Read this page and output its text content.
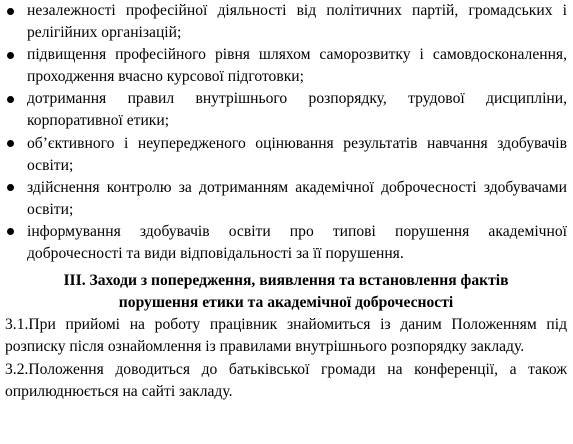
незалежності професійної діяльності від політичних партій, громадських і релігійних організацій;
підвищення професійного рівня шляхом саморозвитку і самовдосконалення, проходження вчасно курсової підготовки;
дотримання правил внутрішнього розпорядку, трудової дисципліни, корпоративної етики;
об’єктивного і неупередженого оцінювання результатів навчання здобувачів освіти;
здійснення контролю за дотриманням академічної доброчесності здобувачами освіти;
інформування здобувачів освіти про типові порушення академічної доброчесності та види відповідальності за її порушення.
ІІІ. Заходи з попередження, виявлення та встановлення фактів порушення етики та академічної доброчесності

3.1.При прийомі на роботу працівник знайомиться із даним Положенням під розписку після ознайомлення із правилами внутрішнього розпорядку закладу.

3.2.Положення доводиться до батьківської громади на конференції, а також оприлюднюється на сайті закладу.
